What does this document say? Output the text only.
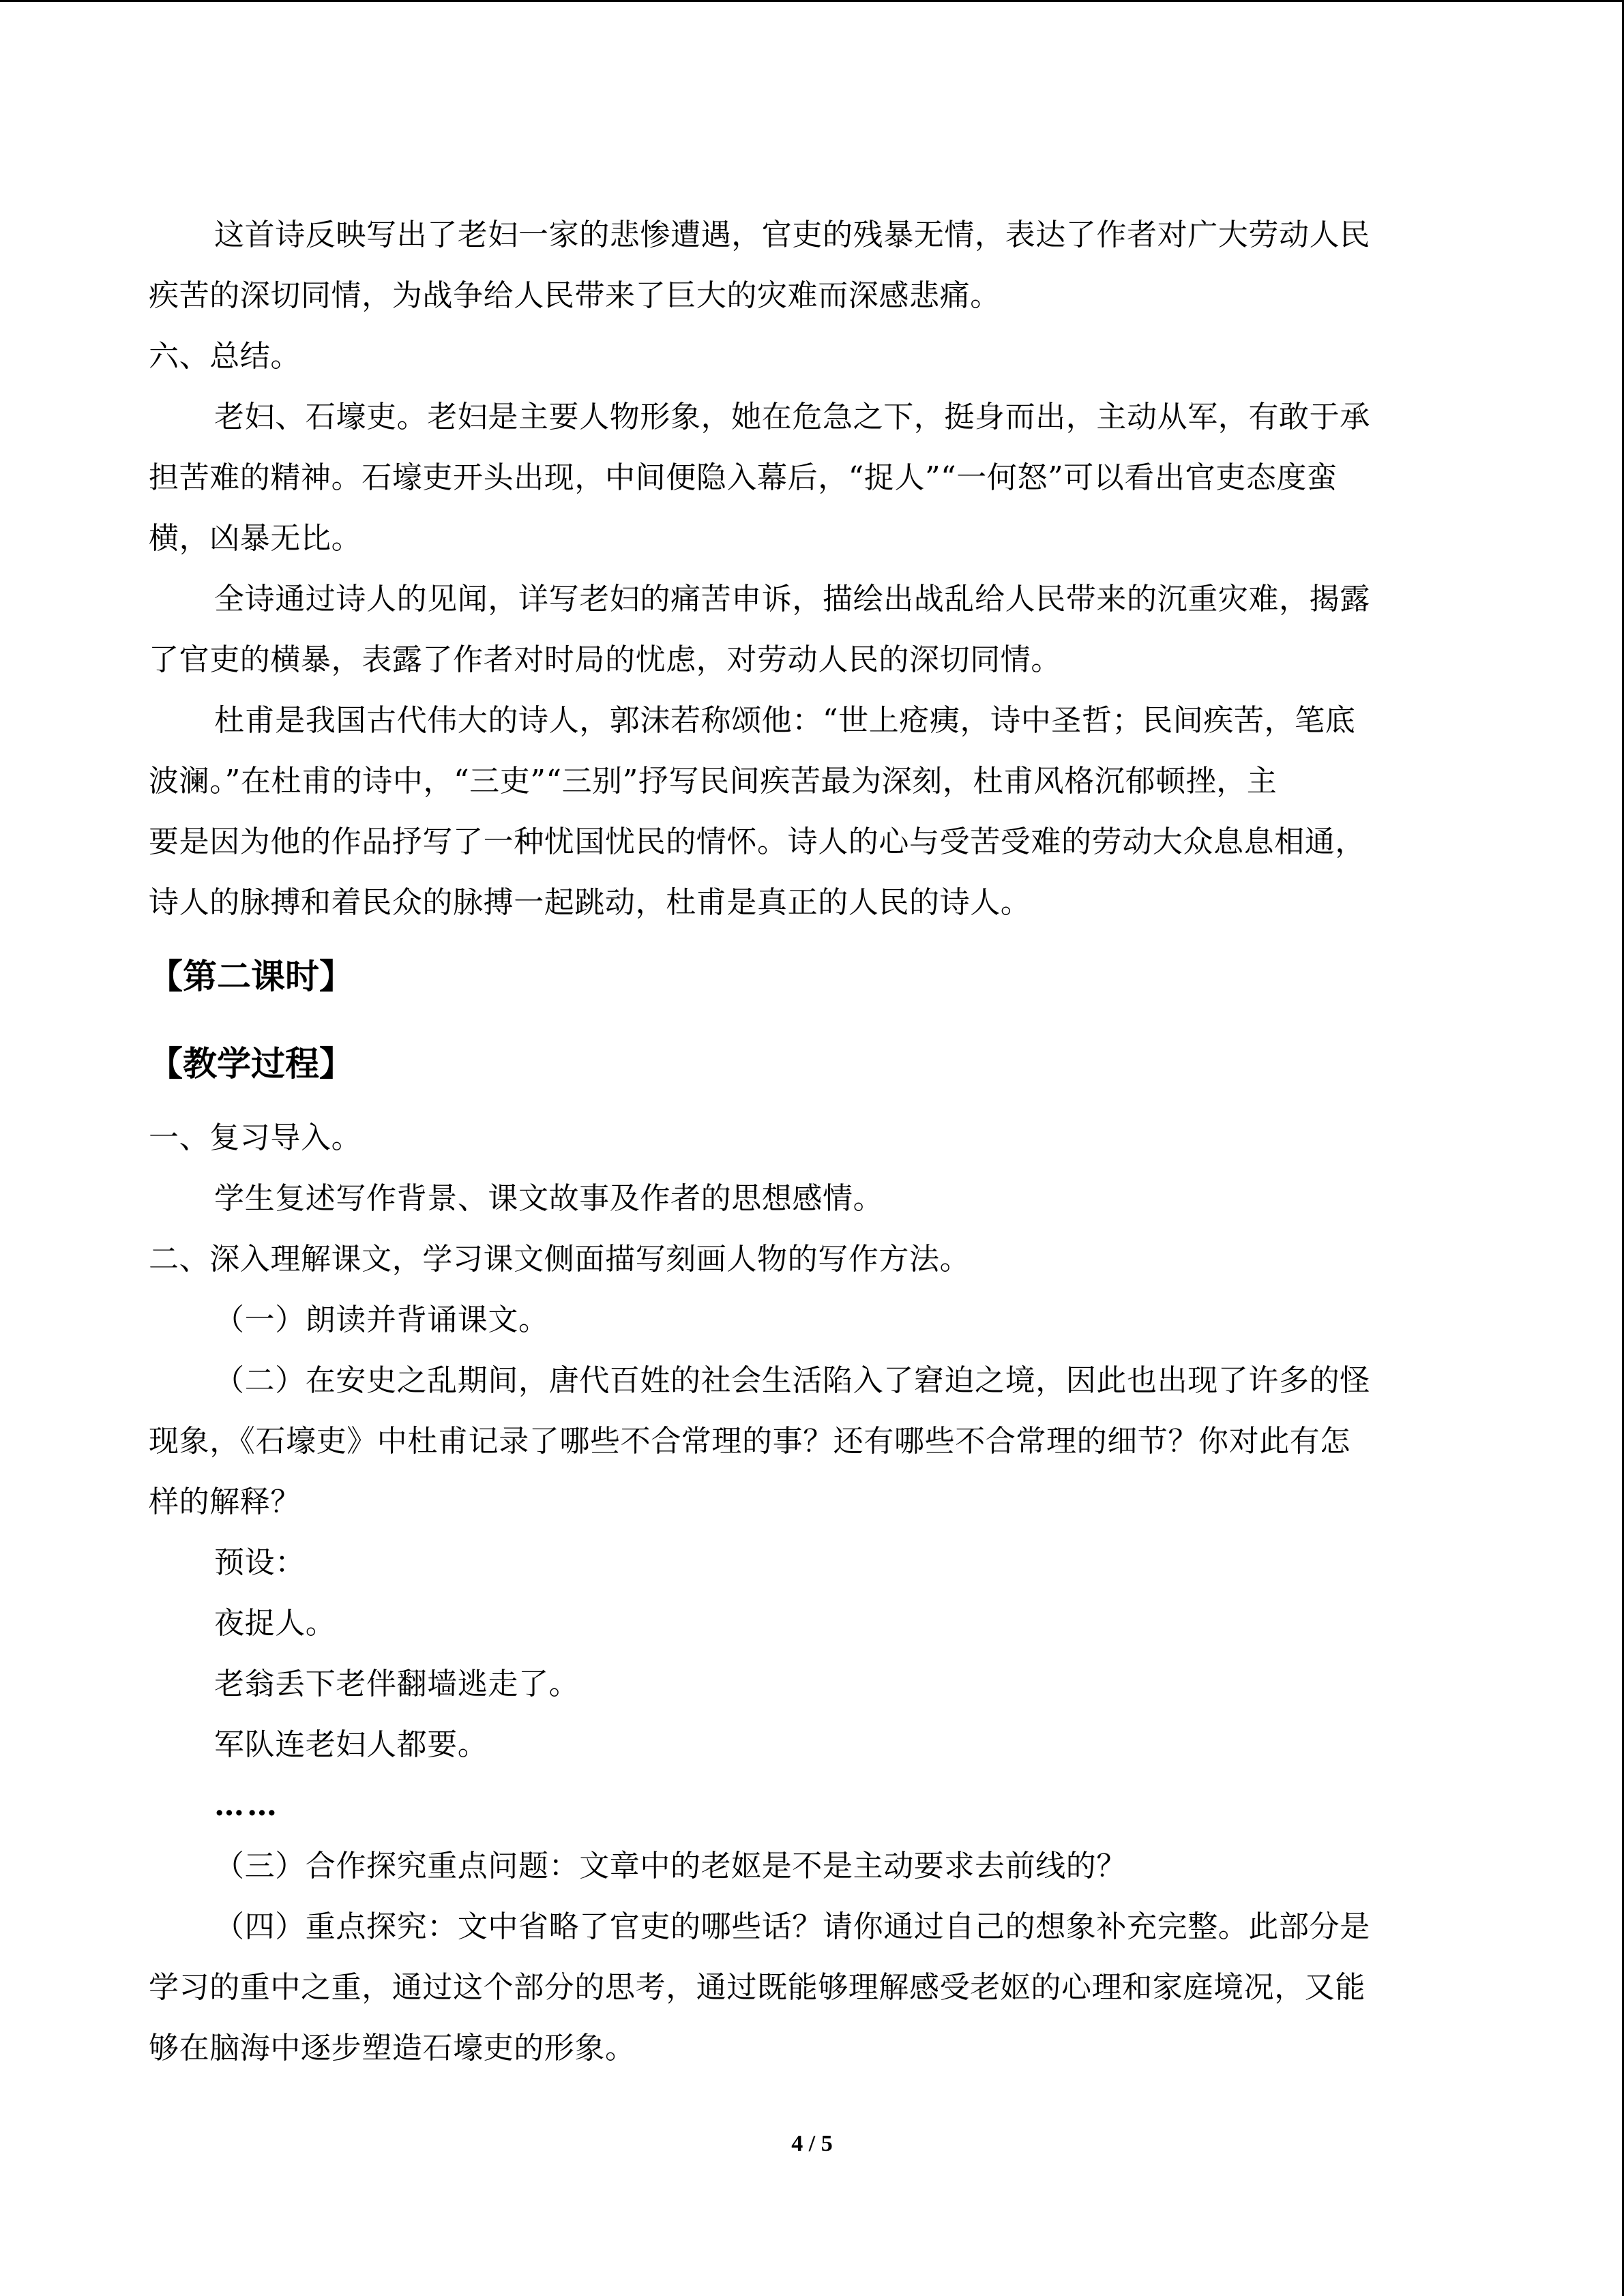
这首诗反映写出了老妇一家的悲惨遭遇，官吏的残暴无情，表达了作者对广大劳动人民

疾苦的深切同情，为战争给人民带来了巨大的灾难而深感悲痛。

六、总结。

老妇、石壕吏。老妇是主要人物形象，她在危急之下，挺身而出，主动从军，有敢于承

担苦难的精神。石壕吏开头出现，中间便隐入幕后，“捉人”“一何怒”可以看出官吏态度蛮

横，凶暴无比。

全诗通过诗人的见闻，详写老妇的痛苦申诉，描绘出战乱给人民带来的沉重灾难，揭露

了官吏的横暴，表露了作者对时局的忧虑，对劳动人民的深切同情。

杜甫是我国古代伟大的诗人，郭沫若称颂他：“世上疮痍，诗中圣哲；民间疾苦，笔底

波澜。”在杜甫的诗中，“三吏”“三别”抒写民间疾苦最为深刻，杜甫风格沉郁顿挫，主

要是因为他的作品抒写了一种忧国忧民的情怀。诗人的心与受苦受难的劳动大众息息相通，

诗人的脉搏和着民众的脉搏一起跳动，杜甫是真正的人民的诗人。

【第二课时】

【教学过程】

一、复习导入。

学生复述写作背景、课文故事及作者的思想感情。

二、深入理解课文，学习课文侧面描写刻画人物的写作方法。

（一）朗读并背诵课文。

（二）在安史之乱期间，唐代百姓的社会生活陷入了窘迫之境，因此也出现了许多的怪

现象，《石壕吏》中杜甫记录了哪些不合常理的事？还有哪些不合常理的细节？你对此有怎

样的解释？

预设：

夜捉人。

老翁丢下老伴翻墙逃走了。

军队连老妇人都要。

……

（三）合作探究重点问题：文章中的老妪是不是主动要求去前线的？

（四）重点探究：文中省略了官吏的哪些话？请你通过自己的想象补充完整。此部分是

学习的重中之重，通过这个部分的思考，通过既能够理解感受老妪的心理和家庭境况，又能

够在脑海中逐步塑造石壕吏的形象。

4 / 5
